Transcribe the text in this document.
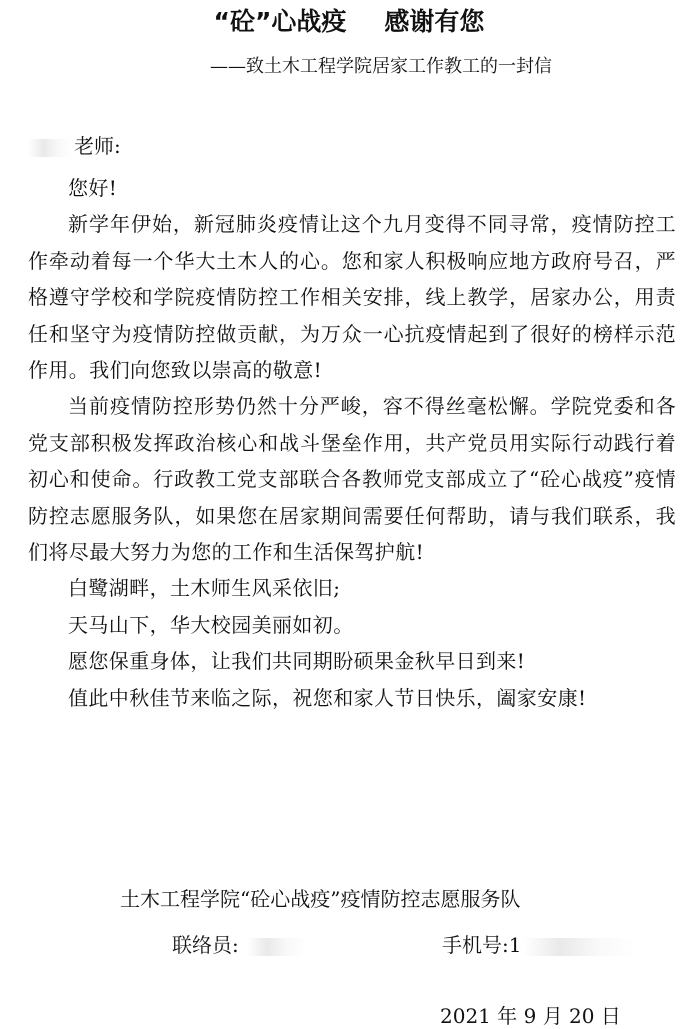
“砼”心战疫 感谢有您
——致土木工程学院居家工作教工的一封信
老师:

您好!

新学年伊始，新冠肺炎疫情让这个九月变得不同寻常，疫情防控工作牵动着每一个华大土木人的心。您和家人积极响应地方政府号召，严格遵守学校和学院疫情防控工作相关安排，线上教学，居家办公，用责任和坚守为疫情防控做贡献，为万众一心抗疫情起到了很好的榜样示范作用。我们向您致以崇高的敬意!

当前疫情防控形势仍然十分严峻，容不得丝毫松懈。学院党委和各党支部积极发挥政治核心和战斗堡垒作用，共产党员用实际行动践行着初心和使命。行政教工党支部联合各教师党支部成立了“砼心战疫”疫情防控志愿服务队，如果您在居家期间需要任何帮助，请与我们联系，我们将尽最大努力为您的工作和生活保驾护航!

白鹭湖畔，土木师生风采依旧;

天马山下，华大校园美丽如初。

愿您保重身体，让我们共同期盼硕果金秋早日到来!

值此中秋佳节来临之际，祝您和家人节日快乐，阖家安康!

土木工程学院“砼心战疫”疫情防控志愿服务队
联络员:	手机号:1
2021 年 9 月 20 日
